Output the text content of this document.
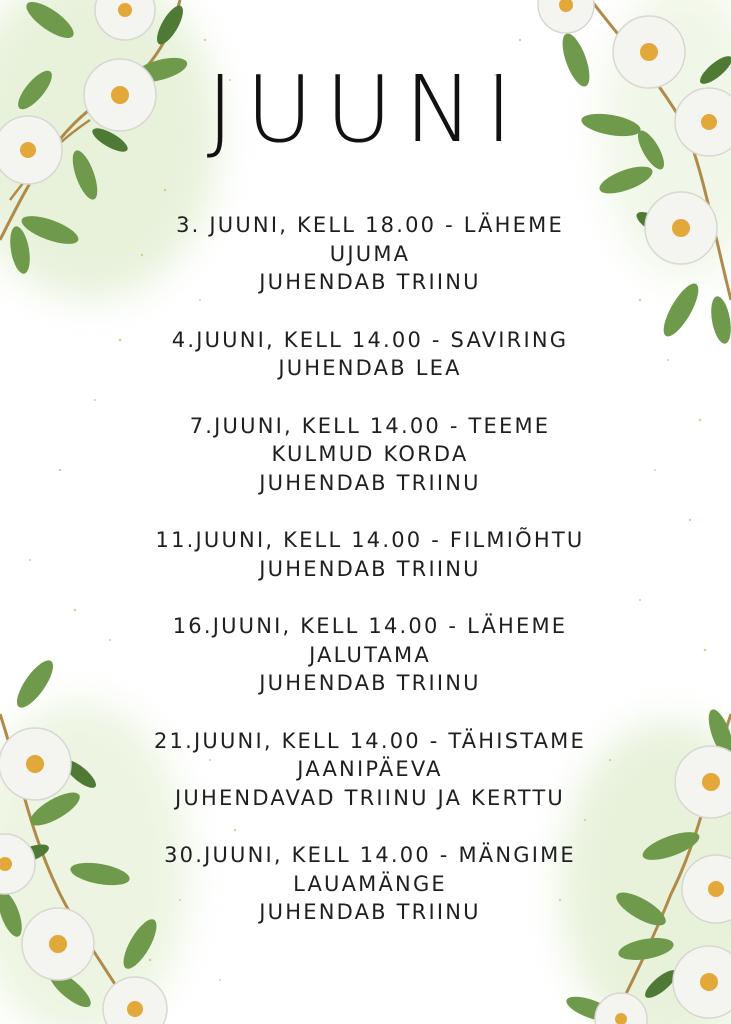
JUUNI
3. JUUNI, KELL 18.00 - LÄHEME
UJUMA
JUHENDAB TRIINU
4.JUUNI, KELL 14.00 - SAVIRING
JUHENDAB LEA
7.JUUNI, KELL 14.00 - TEEME
KULMUD KORDA
JUHENDAB TRIINU
11.JUUNI, KELL 14.00 - FILMIÕHTU
JUHENDAB TRIINU
16.JUUNI, KELL 14.00 - LÄHEME
JALUTAMA
JUHENDAB TRIINU
21.JUUNI, KELL 14.00 - TÄHISTAME
JAANIPÄEVA
JUHENDAVAD TRIINU JA KERTTU
30.JUUNI, KELL 14.00 - MÄNGIME
LAUAMÄNGE
JUHENDAB TRIINU
